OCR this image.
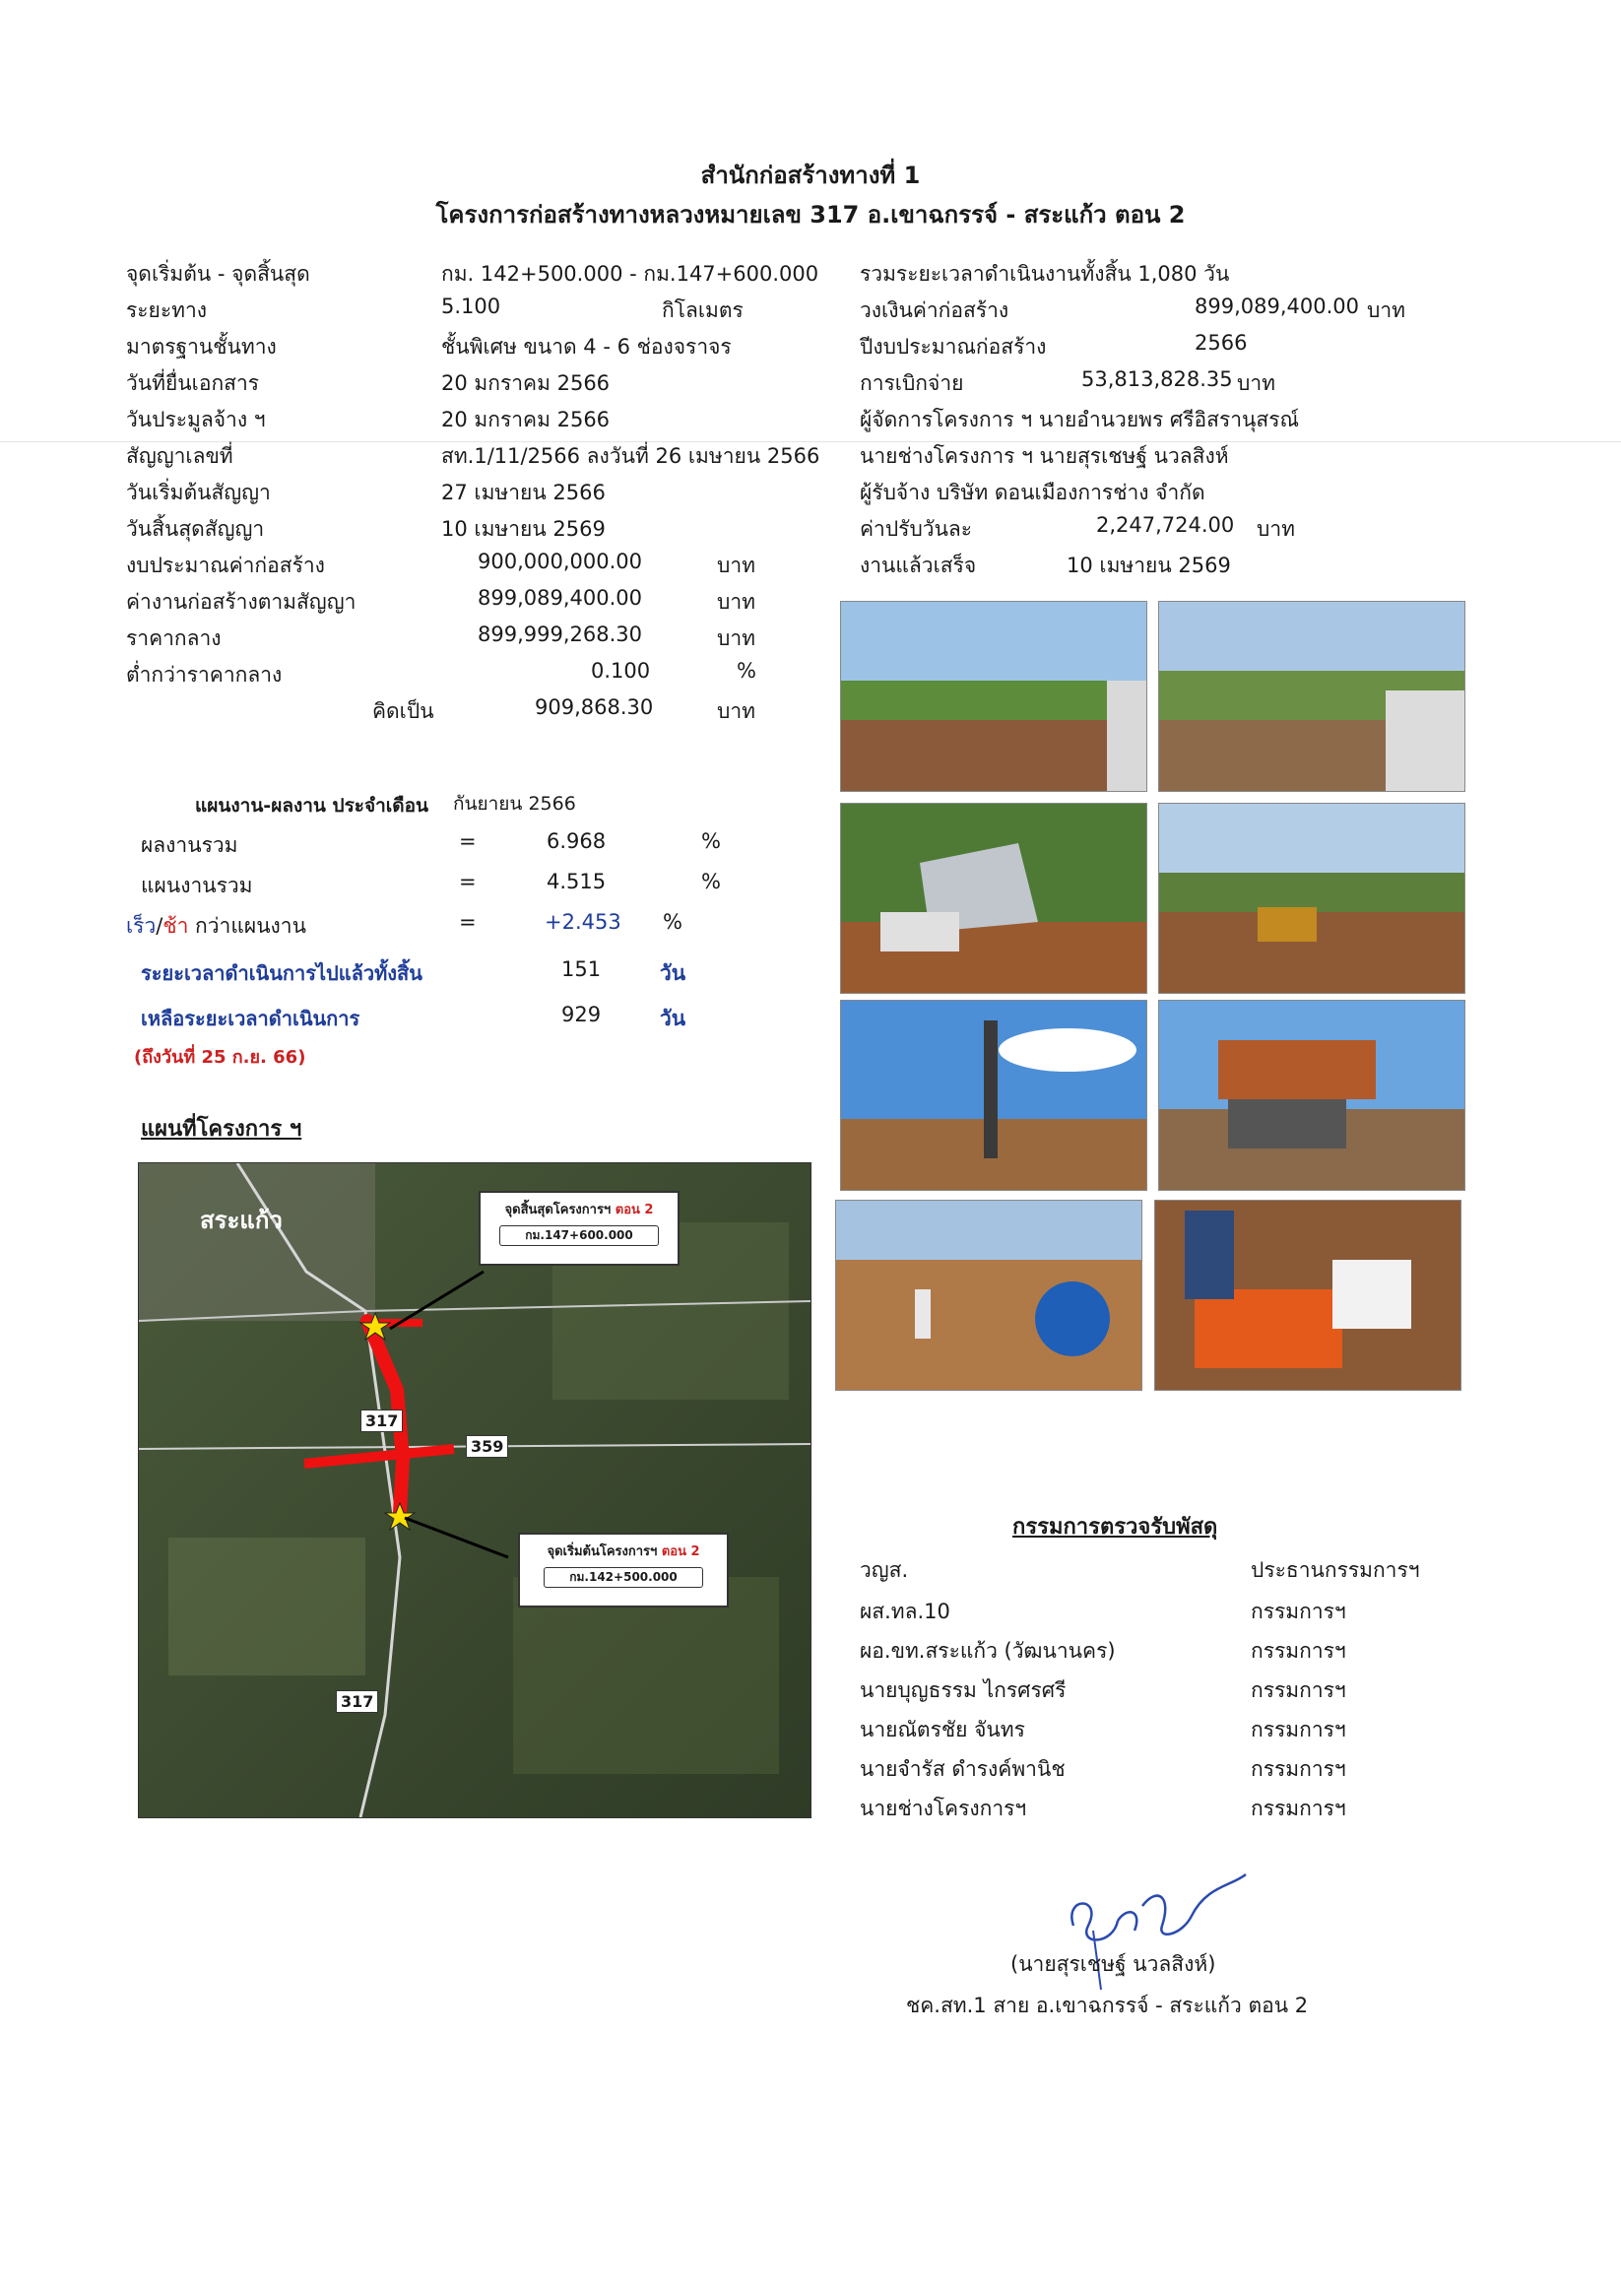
สำนักก่อสร้างทางที่ 1
โครงการก่อสร้างทางหลวงหมายเลข 317 อ.เขาฉกรรจ์ - สระแก้ว ตอน 2
จุดเริ่มต้น - จุดสิ้นสุด	กม. 142+500.000 - กม.147+600.000
ระยะทาง	5.100	กิโลเมตร
มาตรฐานชั้นทาง	ชั้นพิเศษ ขนาด 4 - 6 ช่องจราจร
วันที่ยื่นเอกสาร	20 มกราคม 2566
วันประมูลจ้าง ฯ	20 มกราคม 2566
สัญญาเลขที่	สท.1/11/2566 ลงวันที่ 26 เมษายน 2566
วันเริ่มต้นสัญญา	27 เมษายน 2566
วันสิ้นสุดสัญญา	10 เมษายน 2569
งบประมาณค่าก่อสร้าง	900,000,000.00	บาท
ค่างานก่อสร้างตามสัญญา	899,089,400.00	บาท
ราคากลาง	899,999,268.30	บาท
ต่ำกว่าราคากลาง	0.100	%
คิดเป็น	909,868.30	บาท
รวมระยะเวลาดำเนินงานทั้งสิ้น 1,080 วัน
วงเงินค่าก่อสร้าง	899,089,400.00 บาท
ปีงบประมาณก่อสร้าง	2566
การเบิกจ่าย	53,813,828.35 บาท
ผู้จัดการโครงการ ฯ นายอำนวยพร ศรีอิสรานุสรณ์
นายช่างโครงการ ฯ นายสุรเชษฐ์ นวลสิงห์
ผู้รับจ้าง บริษัท ดอนเมืองการช่าง จำกัด
ค่าปรับวันละ	2,247,724.00 บาท
งานแล้วเสร็จ	10 เมษายน 2569
แผนงาน-ผลงาน ประจำเดือน กันยายน 2566
ผลงานรวม	=	6.968	%
แผนงานรวม	=	4.515	%
เร็ว/ช้า กว่าแผนงาน	=	+2.453 %
ระยะเวลาดำเนินการไปแล้วทั้งสิ้น	151	วัน
เหลือระยะเวลาดำเนินการ	929	วัน
(ถึงวันที่ 25 ก.ย. 66)
แผนที่โครงการ ฯ
สระแก้ว	จุดสิ้นสุดโครงการฯ ตอน 2
กม.147+600.000
จุดเริ่มต้นโครงการฯ ตอน 2
กม.142+500.000
317
359
317
กรรมการตรวจรับพัสดุ
วญส.	ประธานกรรมการฯ
ผส.ทล.10	กรรมการฯ
ผอ.ขท.สระแก้ว (วัฒนานคร)	กรรมการฯ
นายบุญธรรม ไกรศรศรี	กรรมการฯ
นายณัตรชัย จันทร	กรรมการฯ
นายจำรัส ดำรงค์พานิช	กรรมการฯ
นายช่างโครงการฯ	กรรมการฯ
(นายสุรเชษฐ์ นวลสิงห์)
ชค.สท.1 สาย อ.เขาฉกรรจ์ - สระแก้ว ตอน 2
